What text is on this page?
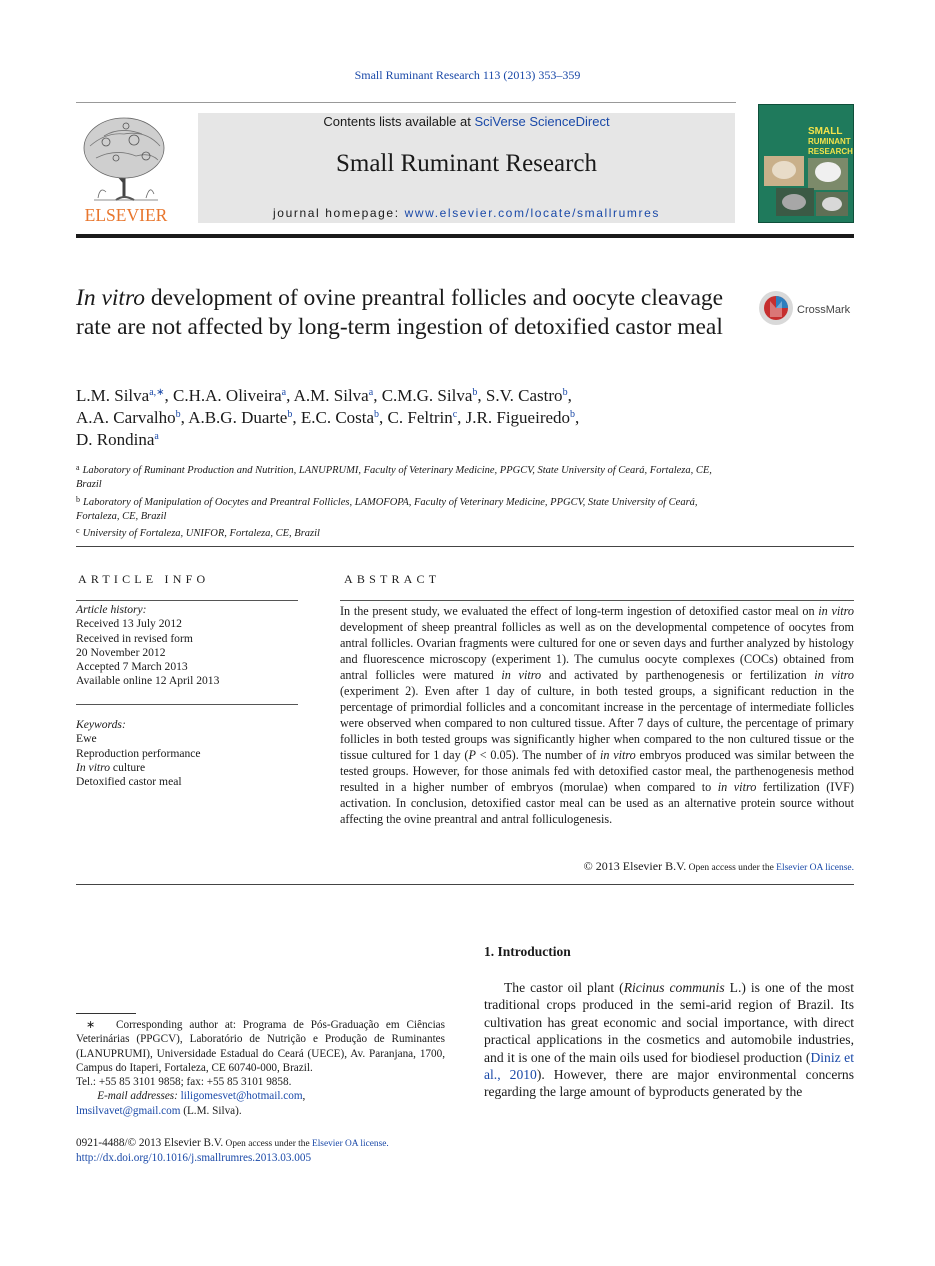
Small Ruminant Research 113 (2013) 353–359
ELSEVIER
Contents lists available at SciVerse ScienceDirect
Small Ruminant Research
journal homepage: www.elsevier.com/locate/smallrumres
SMALL
RUMINANT
RESEARCH
In vitro development of ovine preantral follicles and oocyte cleavage rate are not affected by long-term ingestion of detoxified castor meal
CrossMark
L.M. Silva$^{a,∗}$, C.H.A. Oliveira$^a$, A.M. Silva$^a$, C.M.G. Silva$^b$, S.V. Castro$^b$,
A.A. Carvalho$^b$, A.B.G. Duarte$^b$, E.C. Costa$^b$, C. Feltrin$^c$, J.R. Figueiredo$^b$,
D. Rondina$^a$

$^a$ Laboratory of Ruminant Production and Nutrition, LANUPRUMI, Faculty of Veterinary Medicine, PPGCV, State University of Ceará, Fortaleza, CE, Brazil

$^b$ Laboratory of Manipulation of Oocytes and Preantral Follicles, LAMOFOPA, Faculty of Veterinary Medicine, PPGCV, State University of Ceará, Fortaleza, CE, Brazil

$^c$ University of Fortaleza, UNIFOR, Fortaleza, CE, Brazil

ARTICLE INFO
Article history:
Received 13 July 2012
Received in revised form
20 November 2012
Accepted 7 March 2013
Available online 12 April 2013
Keywords:
Ewe
Reproduction performance
In vitro culture
Detoxified castor meal
ABSTRACT
In the present study, we evaluated the effect of long-term ingestion of detoxified castor meal on in vitro development of sheep preantral follicles as well as on the developmental competence of oocytes from antral follicles. Ovarian fragments were cultured for one or seven days and further analyzed by histology and fluorescence microscopy (experiment 1). The cumulus oocyte complexes (COCs) obtained from antral follicles were matured in vitro and activated by parthenogenesis or fertilization in vitro (experiment 2). Even after 1 day of culture, in both tested groups, a significant reduction in the percentage of primordial follicles and a concomitant increase in the percentage of intermediate follicles were observed when compared to non cultured tissue. After 7 days of culture, the percentage of primary follicles in both tested groups was significantly higher when compared to the non cultured tissue or the tissue cultured for 1 day (P < 0.05). The number of in vitro embryos produced was similar between the tested groups. However, for those animals fed with detoxified castor meal, the parthenogenesis method resulted in a higher number of embryos (morulae) when compared to in vitro fertilization (IVF) activation. In conclusion, detoxified castor meal can be used as an alternative protein source without affecting the ovine preantral and antral folliculogenesis.
© 2013 Elsevier B.V. Open access under the Elsevier OA license.
1. Introduction

The castor oil plant (Ricinus communis L.) is one of the most traditional crops produced in the semi-arid region of Brazil. Its cultivation has great economic and social importance, with direct practical applications in the cosmetics and automobile industries, and it is one of the main oils used for biodiesel production (Diniz et al., 2010). However, there are major environmental concerns regarding the large amount of byproducts generated by the

∗ Corresponding author at: Programa de Pós-Graduação em Ciências Veterinárias (PPGCV), Laboratório de Nutrição e Produção de Ruminantes (LANUPRUMI), Universidade Estadual do Ceará (UECE), Av. Paranjana, 1700, Campus do Itaperi, Fortaleza, CE 60740-000, Brazil.
Tel.: +55 85 3101 9858; fax: +55 85 3101 9858.
E-mail addresses: liligomesvet@hotmail.com,
lmsilvavet@gmail.com (L.M. Silva).
0921-4488/© 2013 Elsevier B.V. Open access under the Elsevier OA license.
http://dx.doi.org/10.1016/j.smallrumres.2013.03.005
